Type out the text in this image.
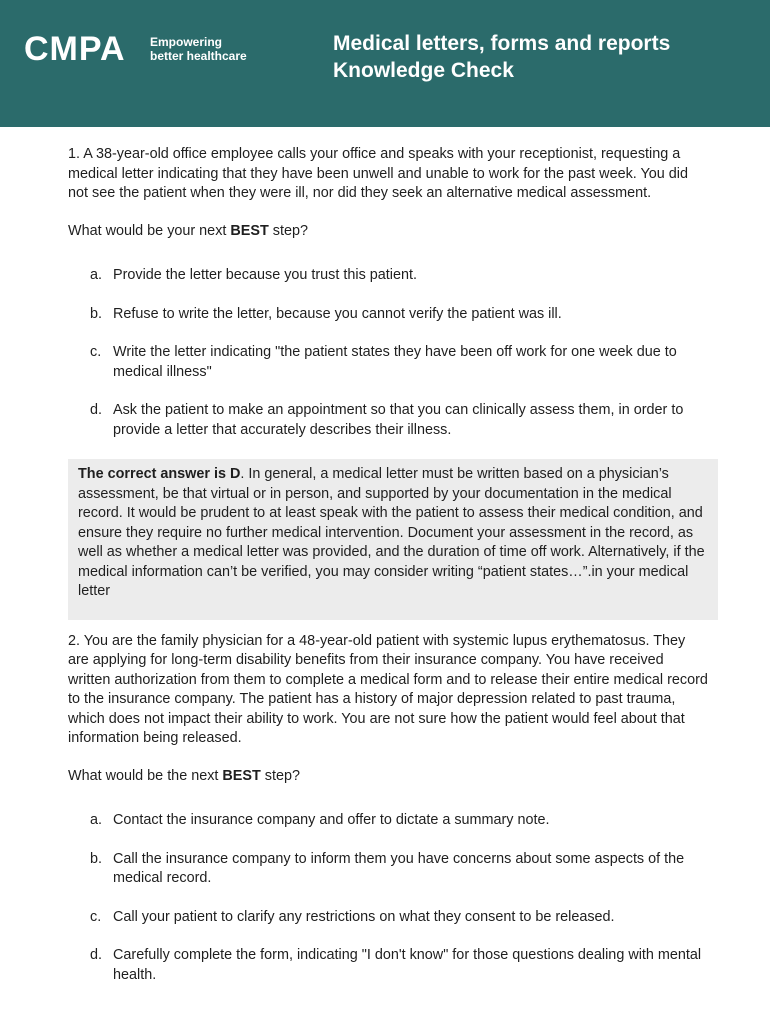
CMPA Empowering
better healthcare
Medical letters, forms and reports
Knowledge Check

1. A 38-year-old office employee calls your office and speaks with your receptionist, requesting a medical letter indicating that they have been unwell and unable to work for the past week. You did not see the patient when they were ill, nor did they seek an alternative medical assessment.

What would be your next BEST step?

a. Provide the letter because you trust this patient.
b. Refuse to write the letter, because you cannot verify the patient was ill.
c. Write the letter indicating "the patient states they have been off work for one week due to medical illness"
d. Ask the patient to make an appointment so that you can clinically assess them, in order to provide a letter that accurately describes their illness.
The correct answer is D. In general, a medical letter must be written based on a physician’s assessment, be that virtual or in person, and supported by your documentation in the medical record. It would be prudent to at least speak with the patient to assess their medical condition, and ensure they require no further medical intervention. Document your assessment in the record, as well as whether a medical letter was provided, and the duration of time off work. Alternatively, if the medical information can’t be verified, you may consider writing “patient states…”.in your medical letter

2. You are the family physician for a 48-year-old patient with systemic lupus erythematosus. They are applying for long-term disability benefits from their insurance company. You have received written authorization from them to complete a medical form and to release their entire medical record to the insurance company. The patient has a history of major depression related to past trauma, which does not impact their ability to work. You are not sure how the patient would feel about that information being released.

What would be the next BEST step?

a. Contact the insurance company and offer to dictate a summary note.
b. Call the insurance company to inform them you have concerns about some aspects of the medical record.
c. Call your patient to clarify any restrictions on what they consent to be released.
d. Carefully complete the form, indicating "I don't know" for those questions dealing with mental health.
